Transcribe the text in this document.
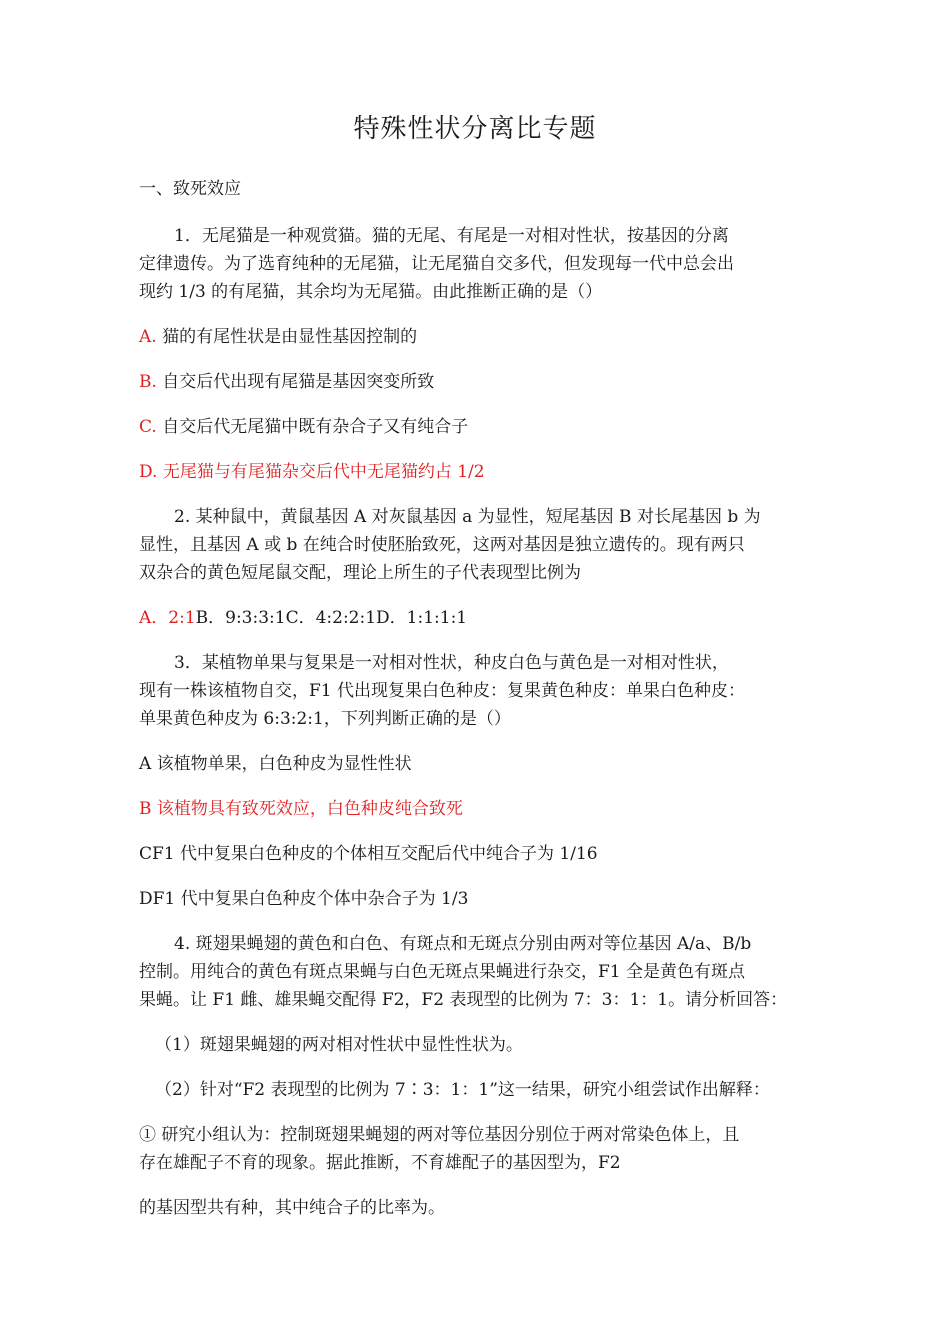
特殊性状分离比专题
一、致死效应
1．无尾猫是一种观赏猫。猫的无尾、有尾是一对相对性状，按基因的分离
定律遗传。为了选育纯种的无尾猫，让无尾猫自交多代，但发现每一代中总会出
现约 1/3 的有尾猫，其余均为无尾猫。由此推断正确的是（）
A. 猫的有尾性状是由显性基因控制的
B. 自交后代出现有尾猫是基因突变所致
C. 自交后代无尾猫中既有杂合子又有纯合子
D. 无尾猫与有尾猫杂交后代中无尾猫约占 1/2
2. 某种鼠中，黄鼠基因 A 对灰鼠基因 a 为显性，短尾基因 B 对长尾基因 b 为
显性，且基因 A 或 b 在纯合时使胚胎致死，这两对基因是独立遗传的。现有两只
双杂合的黄色短尾鼠交配，理论上所生的子代表现型比例为
A．2:1B．9:3:3:1C．4:2:2:1D．1:1:1:1
3．某植物单果与复果是一对相对性状，种皮白色与黄色是一对相对性状，
现有一株该植物自交，F1 代出现复果白色种皮：复果黄色种皮：单果白色种皮：
单果黄色种皮为 6:3:2:1，下列判断正确的是（）
A 该植物单果，白色种皮为显性性状
B 该植物具有致死效应，白色种皮纯合致死
CF1 代中复果白色种皮的个体相互交配后代中纯合子为 1/16
DF1 代中复果白色种皮个体中杂合子为 1/3
4. 斑翅果蝇翅的黄色和白色、有斑点和无斑点分别由两对等位基因 A/a、B/b
控制。用纯合的黄色有斑点果蝇与白色无斑点果蝇进行杂交，F1 全是黄色有斑点
果蝇。让 F1 雌、雄果蝇交配得 F2，F2 表现型的比例为 7：3：1：1。请分析回答：
（1）斑翅果蝇翅的两对相对性状中显性性状为。
（2）针对“F2 表现型的比例为 7∶3：1：1”这一结果，研究小组尝试作出解释：
① 研究小组认为：控制斑翅果蝇翅的两对等位基因分别位于两对常染色体上，且
存在雄配子不育的现象。据此推断，不育雄配子的基因型为，F2
的基因型共有种，其中纯合子的比率为。
